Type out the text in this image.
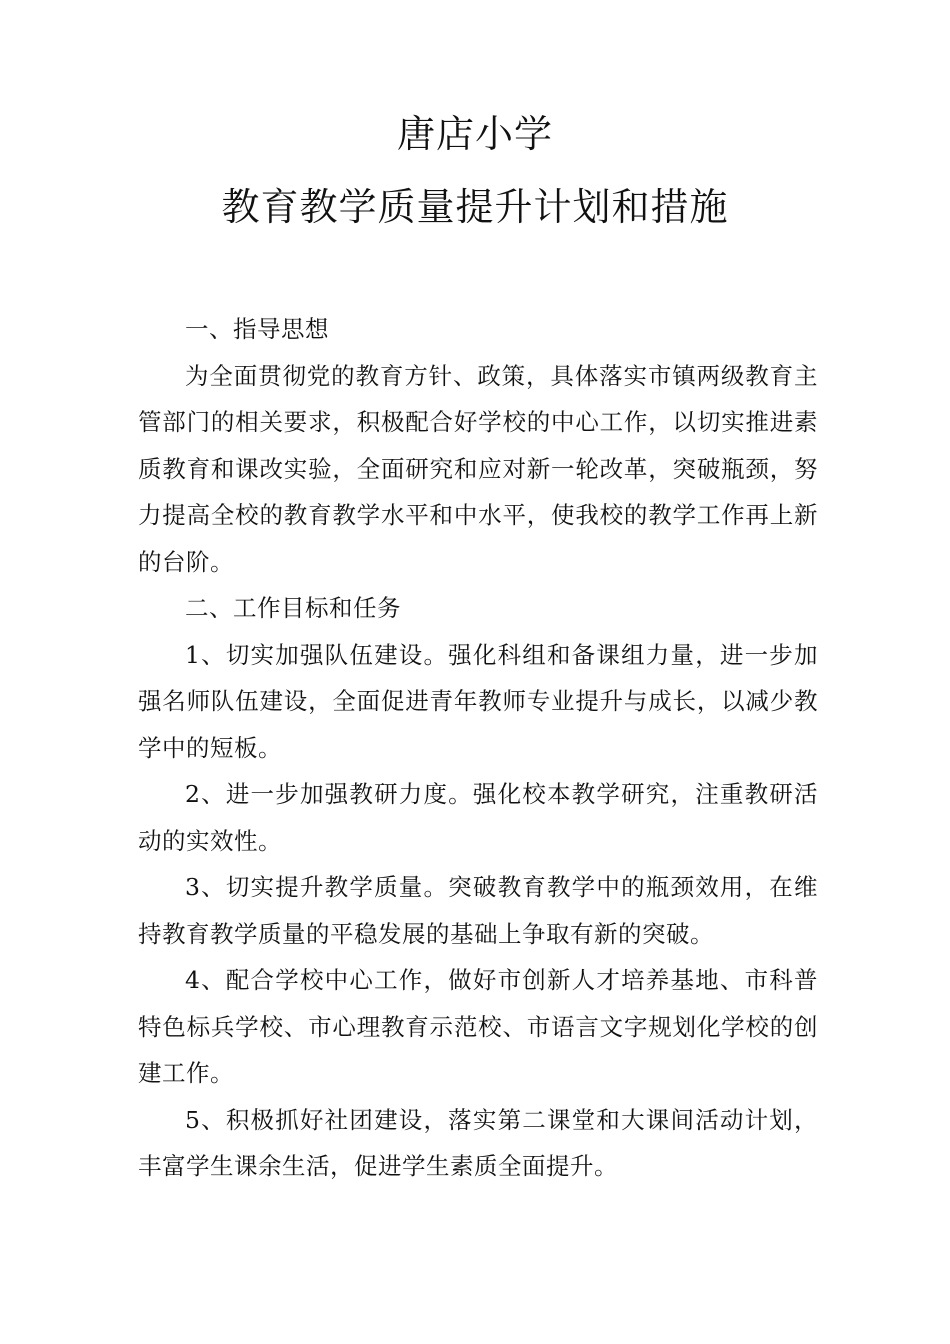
唐店小学
教育教学质量提升计划和措施

一、指导思想

为全面贯彻党的教育方针、政策，具体落实市镇两级教育主管部门的相关要求，积极配合好学校的中心工作，以切实推进素质教育和课改实验，全面研究和应对新一轮改革，突破瓶颈，努力提高全校的教育教学水平和中水平，使我校的教学工作再上新的台阶。

二、工作目标和任务

1、切实加强队伍建设。强化科组和备课组力量，进一步加强名师队伍建设，全面促进青年教师专业提升与成长，以减少教学中的短板。

2、进一步加强教研力度。强化校本教学研究，注重教研活动的实效性。

3、切实提升教学质量。突破教育教学中的瓶颈效用，在维持教育教学质量的平稳发展的基础上争取有新的突破。

4、配合学校中心工作，做好市创新人才培养基地、市科普特色标兵学校、市心理教育示范校、市语言文字规划化学校的创建工作。

5、积极抓好社团建设，落实第二课堂和大课间活动计划，丰富学生课余生活，促进学生素质全面提升。
